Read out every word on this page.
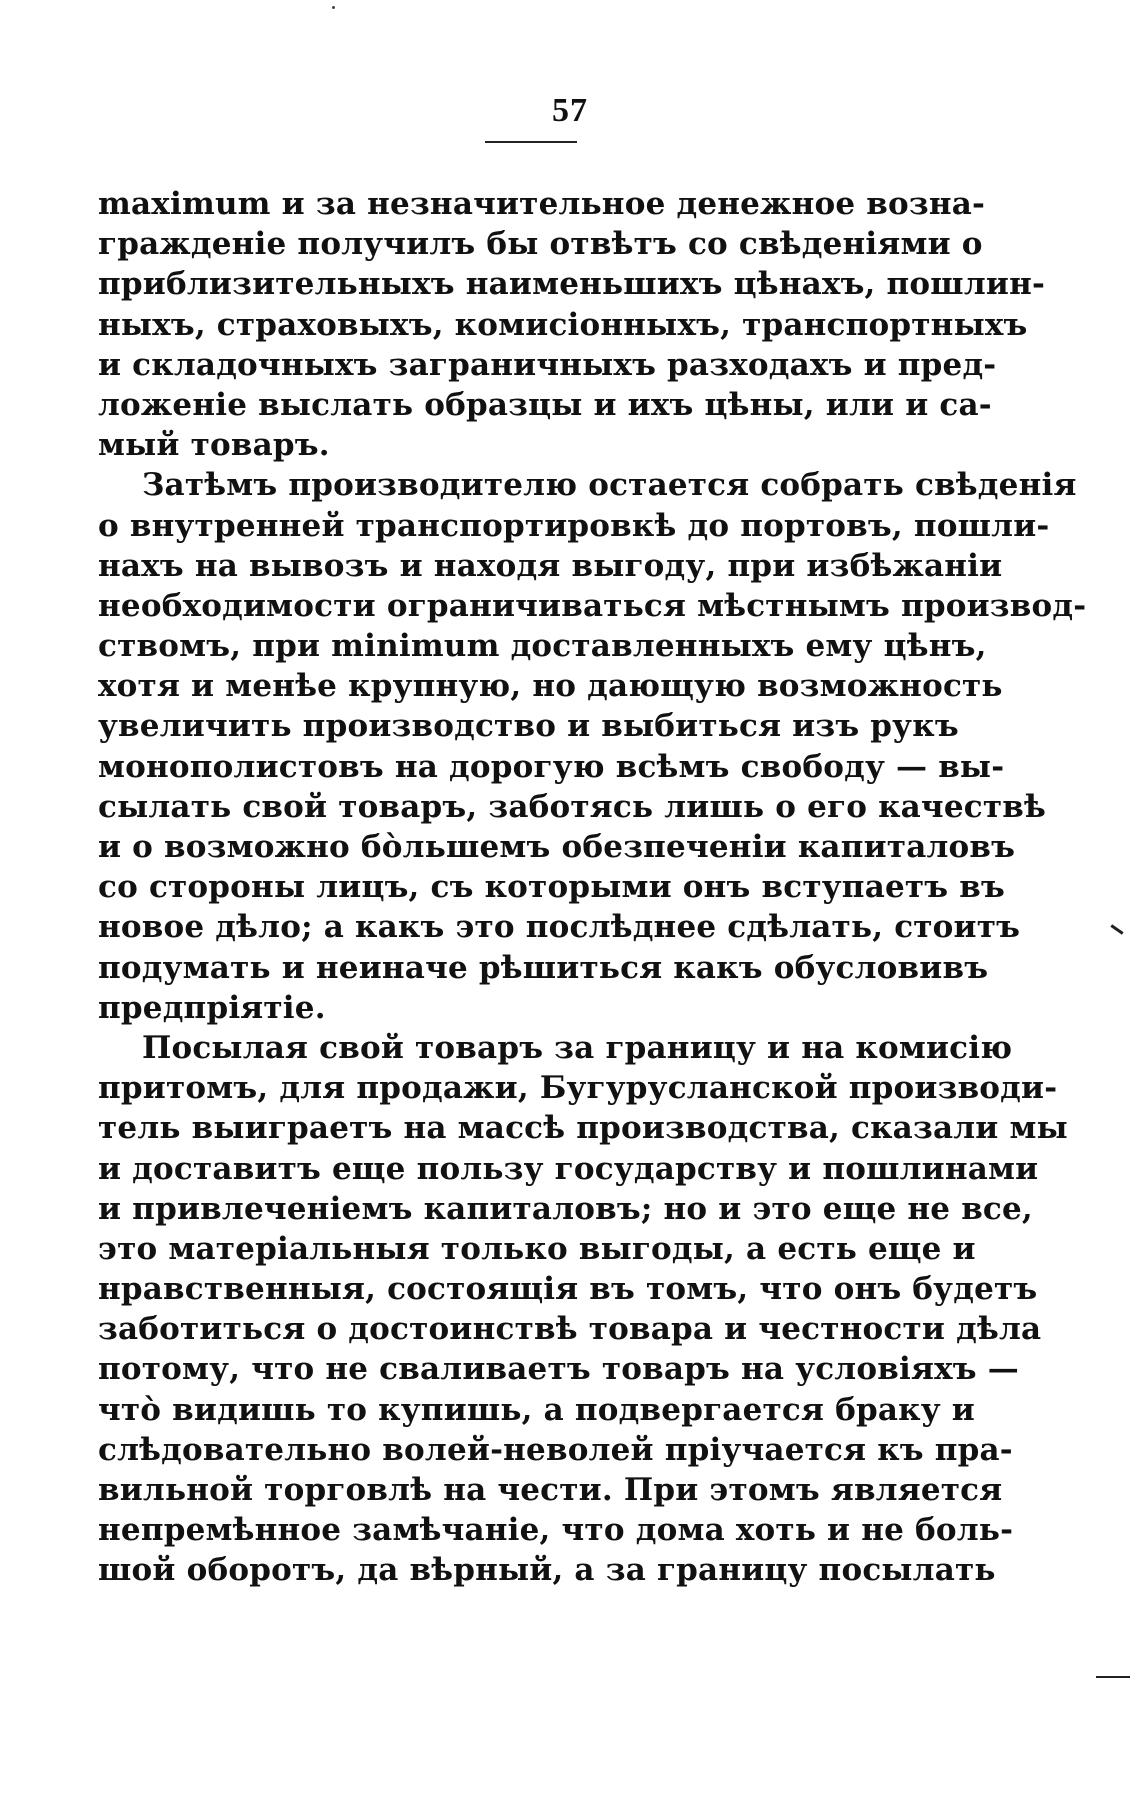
57
maximum и за незначительное денежное возна-
гражденіе получилъ бы отвѣтъ со свѣденіями о
приблизительныхъ наименьшихъ цѣнахъ, пошлин-
ныхъ, страховыхъ, комисіонныхъ, транспортныхъ
и складочныхъ заграничныхъ разходахъ и пред-
ложеніе выслать образцы и ихъ цѣны, или и са-
мый товаръ.
Затѣмъ производителю остается собрать свѣденія
о внутренней транспортировкѣ до портовъ, пошли-
нахъ на вывозъ и находя выгоду, при избѣжаніи
необходимости ограничиваться мѣстнымъ производ-
ствомъ, при minimum доставленныхъ ему цѣнъ,
хотя и менѣе крупную, но дающую возможность
увеличить производство и выбиться изъ рукъ
монополистовъ на дорогую всѣмъ свободу — вы-
сылать свой товаръ, заботясь лишь о его качествѣ
и о возможно бо̀льшемъ обезпеченіи капиталовъ
со стороны лицъ, съ которыми онъ вступаетъ въ
новое дѣло; а какъ это послѣднее сдѣлать, стоитъ
подумать и неиначе рѣшиться какъ обусловивъ
предпріятіе.
Посылая свой товаръ за границу и на комисію
притомъ, для продажи, Бугурусланской производи-
тель выиграетъ на массѣ производства, сказали мы
и доставитъ еще пользу государству и пошлинами
и привлеченіемъ капиталовъ; но и это еще не все,
это матеріальныя только выгоды, а есть еще и
нравственныя, состоящія въ томъ, что онъ будетъ
заботиться о достоинствѣ товара и честности дѣла
потому, что не сваливаетъ товаръ на условіяхъ —
что̀ видишь то купишь, а подвергается браку и
слѣдовательно волей-неволей пріучается къ пра-
вильной торговлѣ на чести. При этомъ является
непремѣнное замѣчаніе, что дома хоть и не боль-
шой оборотъ, да вѣрный, а за границу посылать
